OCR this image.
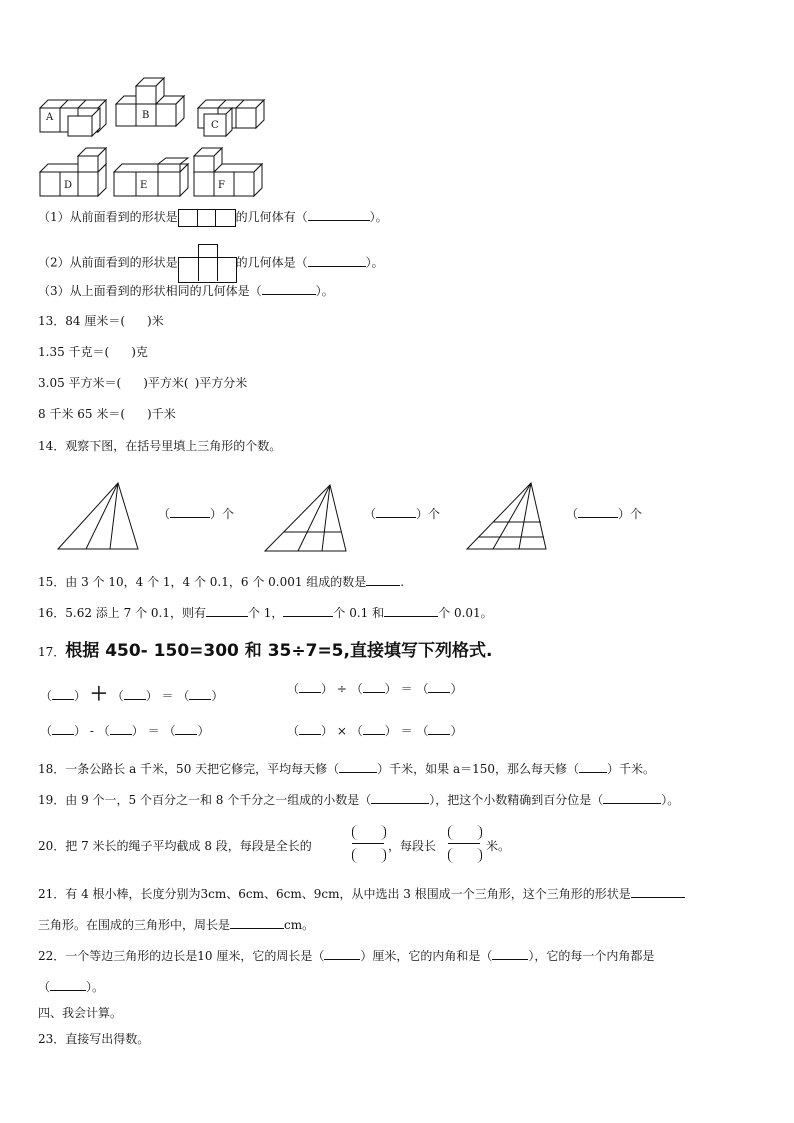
A	B
C
D	E	F
（1）从前面看到的形状是	的几何体有（	）。
（2）从前面看到的形状是	的几何体是（	）。
（3）从上面看到的形状相同的几何体是（	）。
13．84 厘米＝( )米
1.35 千克＝( )克
3.05 平方米＝( )平方米( )平方分米
8 千米 65 米＝( )千米
14．观察下图，在括号里填上三角形的个数。
（	）个	（	）个	（	）个
15．由 3 个 10，4 个 1，4 个 0.1，6 个 0.001 组成的数是	.
16．5.62 添上 7 个 0.1，则有	个 1，	个 0.1 和	个 0.01。
17．根据 450- 150=300 和 35÷7=5,直接填写下列格式.
（ ） ＋ （ ） ＝ （ ）	（ ） ÷ （ ） ＝ （ ）
（ ） - （ ） ＝ （ ）	（ ） × （ ） ＝ （ ）
18．一条公路长 a 千米，50 天把它修完，平均每天修（	）千米，如果 a＝150，那么每天修（ ）千米。
19．由 9 个一，5 个百分之一和 8 个千分之一组成的小数是（	），把这个小数精确到百分位是（	）。
20．把 7 米长的绳子平均截成 8 段，每段是全长的	，每段长	米。
21．有 4 根小棒，长度分别为3cm、6cm、6cm、9cm，从中选出 3 根围成一个三角形，这个三角形的形状是
三角形。在围成的三角形中，周长是	cm。
22．一个等边三角形的边长是10 厘米，它的周长是（	）厘米，它的内角和是（	），它的每一个内角都是
（	）。
四、我会计算。
23．直接写出得数。
